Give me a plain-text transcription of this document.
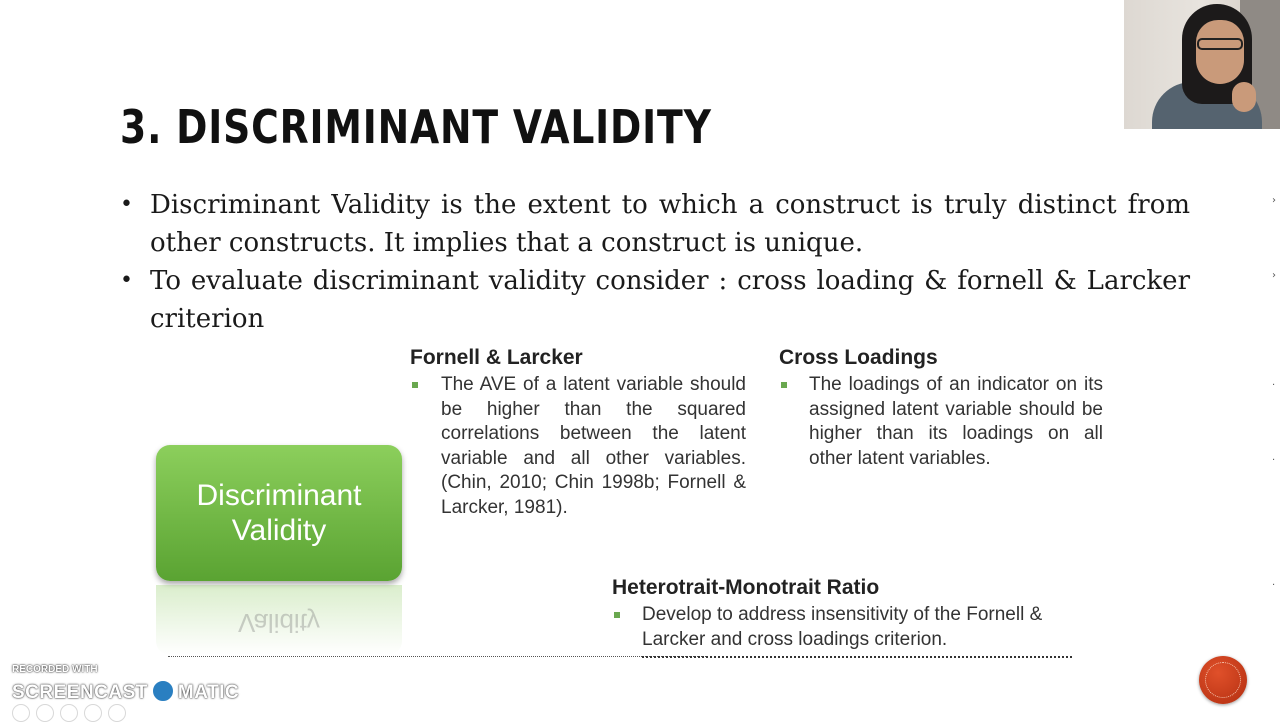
3. DISCRIMINANT VALIDITY
• Discriminant Validity is the extent to which a construct is truly distinct from other constructs. It implies that a construct is unique.
• To evaluate discriminant validity consider : cross loading & fornell & Larcker criterion
Discriminant
Validity
Validity
Fornell & Larcker
The AVE of a latent variable should be higher than the squared correlations between the latent variable and all other variables. (Chin, 2010; Chin 1998b; Fornell & Larcker, 1981).
Cross Loadings
The loadings of an indicator on its assigned latent variable should be higher than its loadings on all other latent variables.
Heterotrait-Monotrait Ratio
Develop to address insensitivity of the Fornell & Larcker and cross loadings criterion.
›
›
·
·
·
RECORDED WITH
SCREENCAST MATIC
